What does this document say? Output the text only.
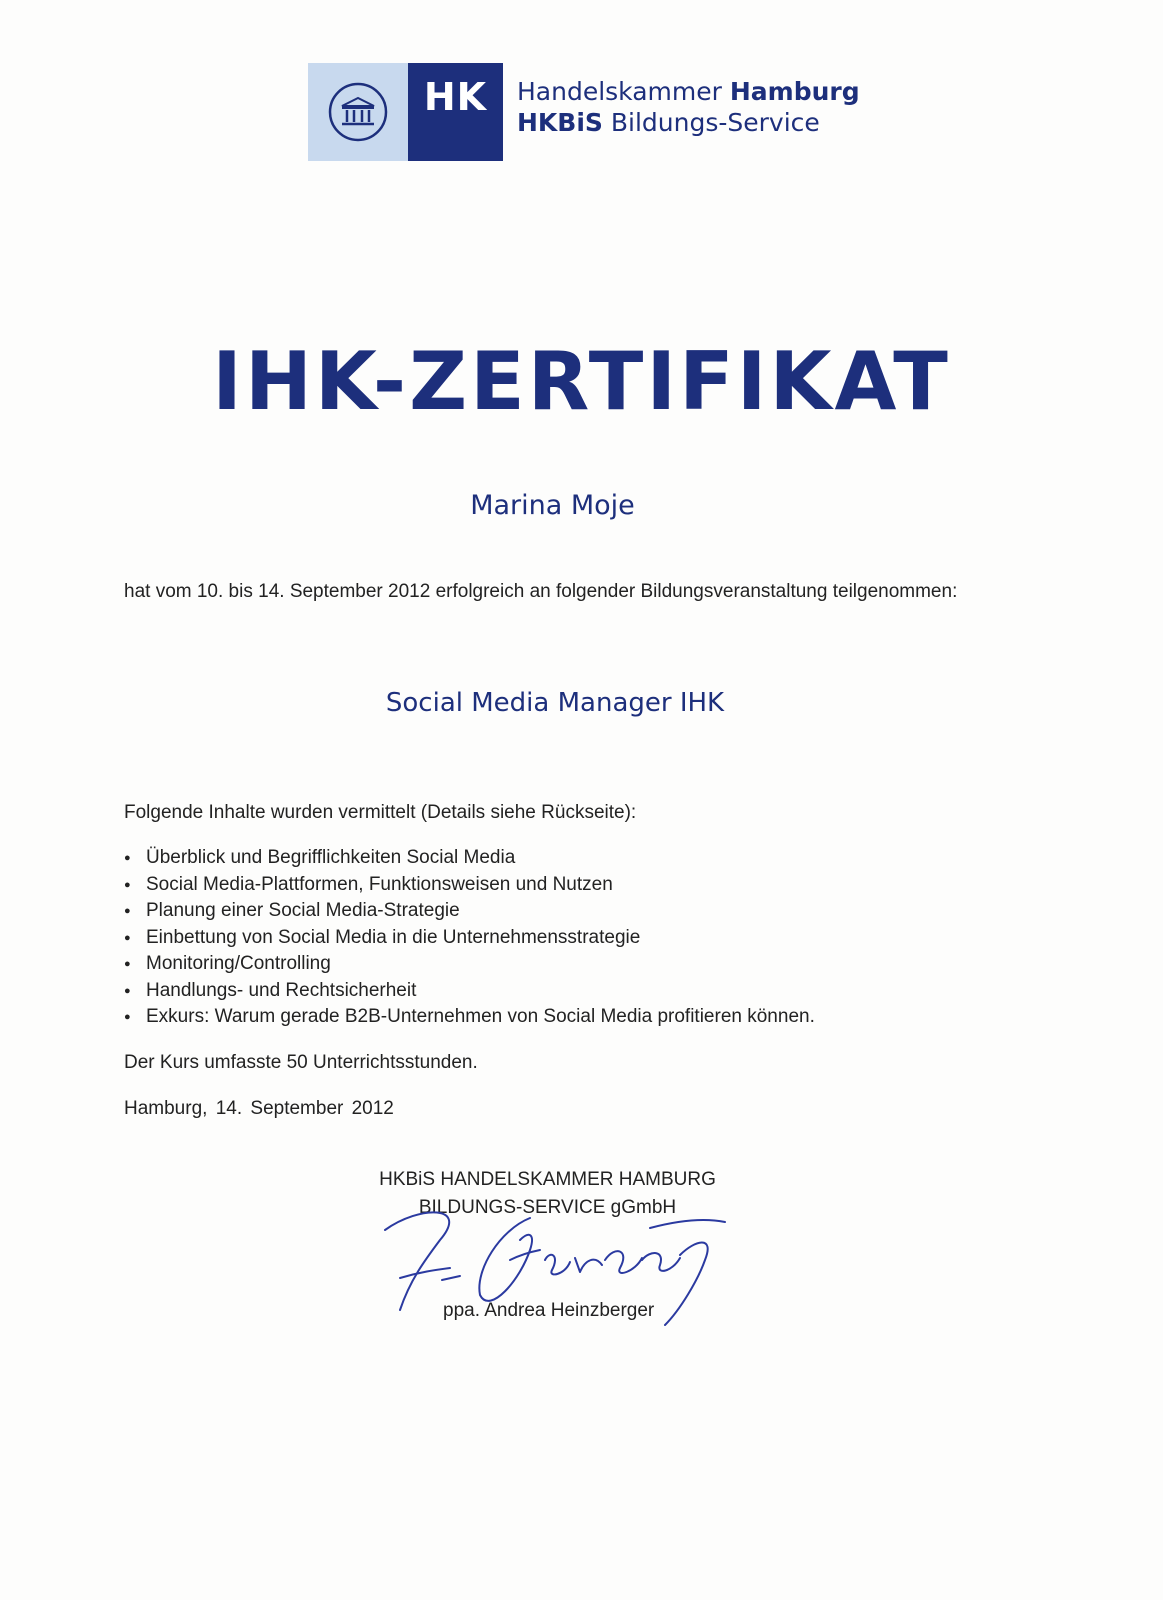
HK Handelskammer Hamburg
HKBiS Bildungs-Service
IHK-ZERTIFIKAT
Marina Moje

hat vom 10. bis 14. September 2012 erfolgreich an folgender Bildungsveranstaltung teilgenommen:

Social Media Manager IHK

Folgende Inhalte wurden vermittelt (Details siehe Rückseite):

● Überblick und Begrifflichkeiten Social Media
● Social Media-Plattformen, Funktionsweisen und Nutzen
● Planung einer Social Media-Strategie
● Einbettung von Social Media in die Unternehmensstrategie
● Monitoring/Controlling
● Handlungs- und Rechtsicherheit
● Exkurs: Warum gerade B2B-Unternehmen von Social Media profitieren können.

Der Kurs umfasste 50 Unterrichtsstunden.

Hamburg, 14. September 2012

HKBiS HANDELSKAMMER HAMBURG
BILDUNGS-SERVICE gGmbH

ppa. Andrea Heinzberger
